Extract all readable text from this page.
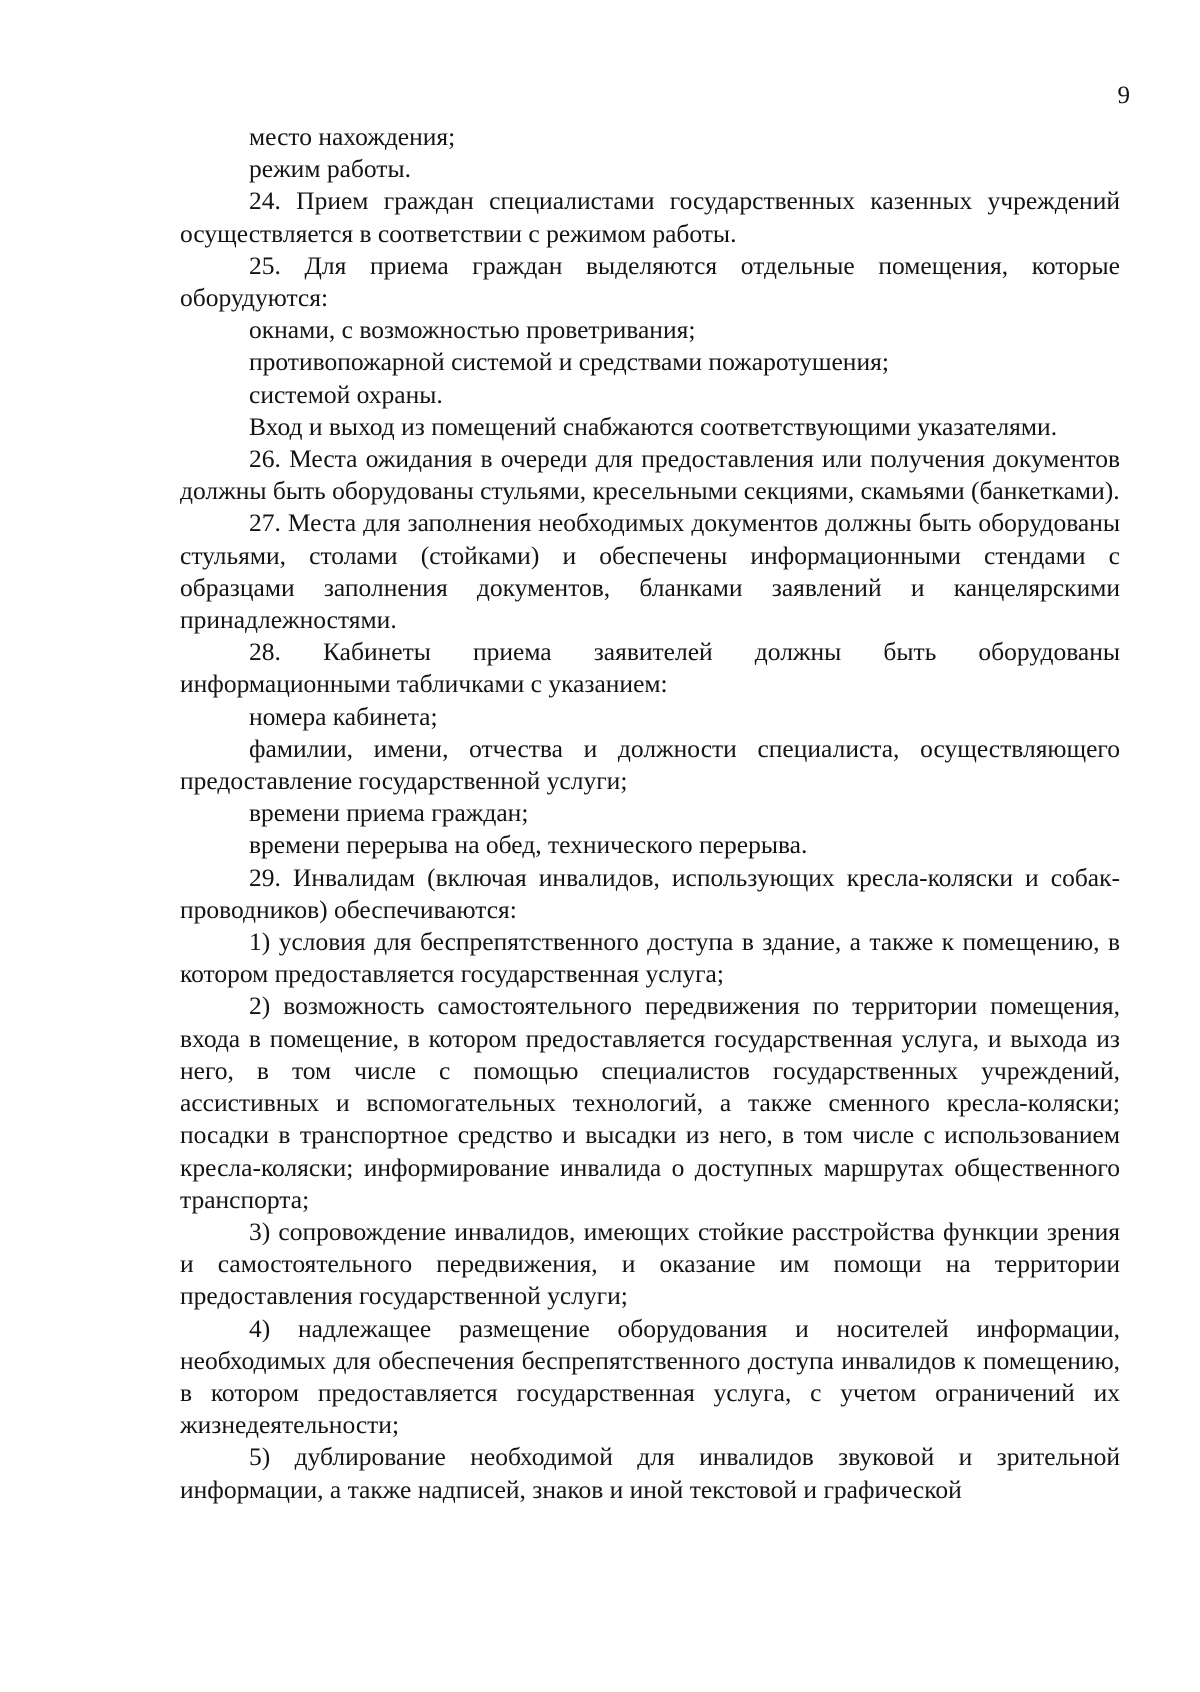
9

место нахождения;

режим работы.

24. Прием граждан специалистами государственных казенных учреждений осуществляется в соответствии с режимом работы.

25. Для приема граждан выделяются отдельные помещения, которые оборудуются:

окнами, с возможностью проветривания;

противопожарной системой и средствами пожаротушения;

системой охраны.

Вход и выход из помещений снабжаются соответствующими указателями.

26. Места ожидания в очереди для предоставления или получения документов должны быть оборудованы стульями, кресельными секциями, скамьями (банкетками).

27. Места для заполнения необходимых документов должны быть оборудованы стульями, столами (стойками) и обеспечены информационными стендами с образцами заполнения документов, бланками заявлений и канцелярскими принадлежностями.

28. Кабинеты приема заявителей должны быть оборудованы информационными табличками с указанием:

номера кабинета;

фамилии, имени, отчества и должности специалиста, осуществляющего предоставление государственной услуги;

времени приема граждан;

времени перерыва на обед, технического перерыва.

29. Инвалидам (включая инвалидов, использующих кресла-коляски и собак-проводников) обеспечиваются:

1) условия для беспрепятственного доступа в здание, а также к помещению, в котором предоставляется государственная услуга;

2) возможность самостоятельного передвижения по территории помещения, входа в помещение, в котором предоставляется государственная услуга, и выхода из него, в том числе с помощью специалистов государственных учреждений, ассистивных и вспомогательных технологий, а также сменного кресла-коляски; посадки в транспортное средство и высадки из него, в том числе с использованием кресла-коляски; информирование инвалида о доступных маршрутах общественного транспорта;

3) сопровождение инвалидов, имеющих стойкие расстройства функции зрения и самостоятельного передвижения, и оказание им помощи на территории предоставления государственной услуги;

4) надлежащее размещение оборудования и носителей информации, необходимых для обеспечения беспрепятственного доступа инвалидов к помещению, в котором предоставляется государственная услуга, с учетом ограничений их жизнедеятельности;

5) дублирование необходимой для инвалидов звуковой и зрительной информации, а также надписей, знаков и иной текстовой и графической
